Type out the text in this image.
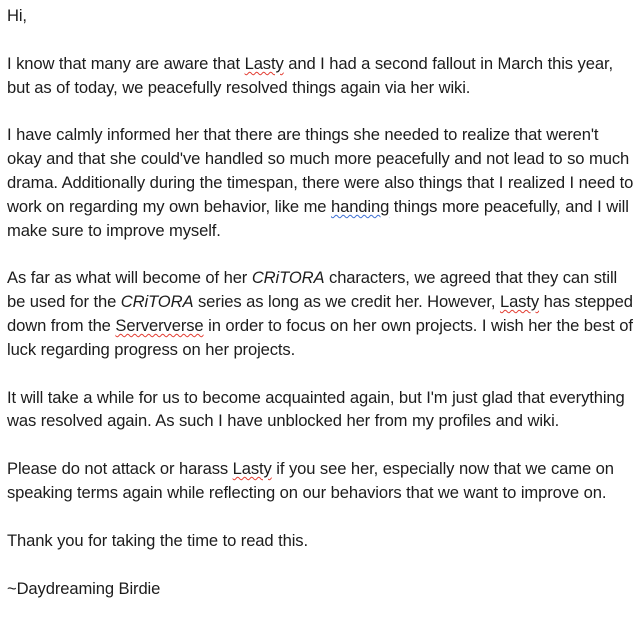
Hi,

I know that many are aware that Lasty and I had a second fallout in March this year, but as of today, we peacefully resolved things again via her wiki.

I have calmly informed her that there are things she needed to realize that weren't okay and that she could've handled so much more peacefully and not lead to so much drama. Additionally during the timespan, there were also things that I realized I need to work on regarding my own behavior, like me handing things more peacefully, and I will make sure to improve myself.

As far as what will become of her CRiTORA characters, we agreed that they can still be used for the CRiTORA series as long as we credit her. However, Lasty has stepped down from the Serververse in order to focus on her own projects. I wish her the best of luck regarding progress on her projects.

It will take a while for us to become acquainted again, but I'm just glad that everything was resolved again. As such I have unblocked her from my profiles and wiki.

Please do not attack or harass Lasty if you see her, especially now that we came on speaking terms again while reflecting on our behaviors that we want to improve on.

Thank you for taking the time to read this.

~Daydreaming Birdie
